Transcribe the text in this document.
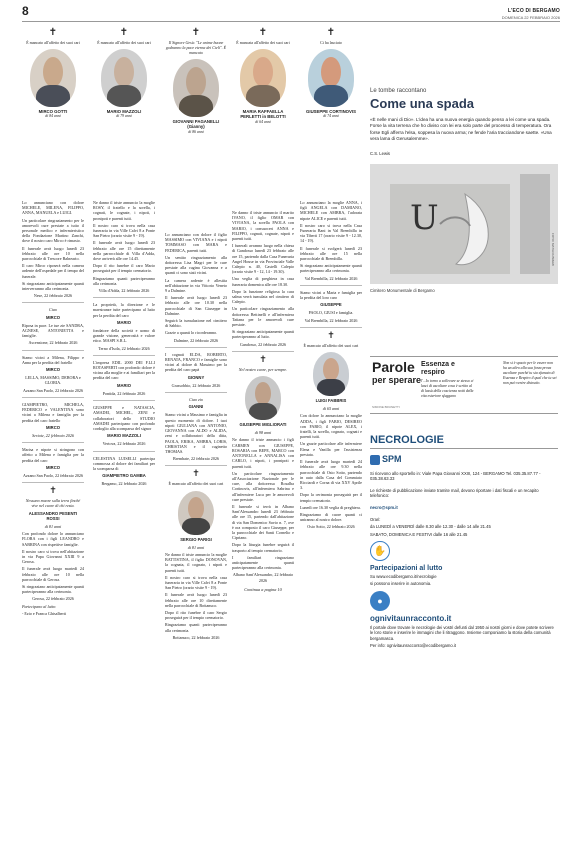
8	L'ECO DI BERGAMO
DOMENICA 22 FEBBRAIO 2026
✝
È mancato all'affetto dei suoi cari
MIRCO GOTTI
di 84 anni
✝
È mancato all'affetto dei suoi cari
MARIO MAZZOLI
di 79 anni
✝
Il Signore Gesù: "Le anime buone godranno la pace eterna dei Cieli". È mancato
GIOVANNI PAGANELLI (Gianny)
di 86 anni
✝
È mancata all'affetto dei suoi cari
MARIA RAFFAELLA PERLETTI in BELOTTI
di 64 anni
✝
Ci ha lasciato
GIUSEPPE CORTINOVIS
di 74 anni

Lo annunciano con dolore MICHELE, MILENA, FILIPPO, ANNA, MANUELA e LUIGI.

Un particolare ringraziamento per le amorevoli cure prestate a tutto il personale medico e infermieristico della Fondazione Martino Zanchi, dove il nostro caro Mirco è rimasto.

Il funerale avrà luogo lunedì 23 febbraio alle ore 10 nella parrocchiale di Trescore Balneario.

Il caro Mirco riposerà nella camera ardente dell'ospedale per il tempo del funerale.

Si ringraziano anticipatamente quanti interverranno alla cerimonia.

Nese, 22 febbraio 2026

Ciao

MIRCO

Riposa in pace. Le tue zie SANDRA, AGNESE, ANTONIETTA e famiglie.

Ascensione, 22 febbraio 2026

Siamo vicini a Milena, Filippo e Anna per la perdita del fratello

MIRCO

LELLA, MASSIMO, DEBORA e GLORIA.

Azzano San Paolo, 22 febbraio 2026

GIAMPIETRO, MICHELA, FEDERICO e VALENTINA sono vicini a Milena e famiglia per la perdita del caro fratello

MIRCO

Seriate, 22 febbraio 2026

Marisa e nipote si stringono con affetto a Milena e famiglia per la perdita del caro

MIRCO

Azzano San Paolo, 22 febbraio 2026

✝

Nessuno muore sulla terra finché vive nel cuore di chi resta.

ALESSANDRO PESENTI ROSSI

di 81 anni

Con profondo dolore lo annunciano FLORA con i figli LEANDRO e SABRINA con rispettive famiglie.

Il nostro caro si trova nell'abitazione in via Papa Giovanni XXIII 9 a Gerosa.

Il funerale avrà luogo martedì 24 febbraio alle ore 10 nella parrocchiale di Gerosa.

Si ringraziano anticipatamente quanti parteciperanno alla cerimonia.

Gerosa, 22 febbraio 2026

Partecipano al lutto:

- Ezio e Franca Ghisalberti

Ne danno il triste annuncio la moglie ROSY, il fratello e la sorella, i cognati, le cognate, i nipoti, i pronipoti e parenti tutti.

Il nostro caro si trova nella casa funeraria in via Ville Calvi 8 a Ponte San Pietro (orario visite 9 - 19).

Il funerale avrà luogo lunedì 23 febbraio alle ore 15 direttamente nella parrocchiale di Villa d'Adda, dove arriverà alle ore 14.45.

Dopo il rito funebre il caro Mario proseguirà per il tempio crematorio.

Ringraziamo quanti parteciperanno alla cerimonia.

Villa d'Adda, 22 febbraio 2026

La proprietà, la direzione e le maestranze tutte partecipano al lutto per la perdita del caro

MARIO

fondatore della società e uomo di grande visione, generosità e valore etico. MASPI S.R.L.

Terno d'Isola, 22 febbraio 2026

L'impresa EDIL 2000 DEI F.LLI ROTASPERTI con profondo dolore è vicina alla moglie e ai familiari per la perdita del caro

MARIO

Pontida, 22 febbraio 2026

GIUSEPPE e NATASCIA, AMADEI, MICHEL, ZENI e collaboratori dello STUDIO AMADEI partecipano con profondo cordoglio alla scomparsa del signor

MARIO MAZZOLI

Vertova, 22 febbraio 2026

CELESTINA LUISELLI partecipa commossa al dolore dei familiari per la scomparsa di

GIAMPIETRO GAMBA

Bergamo, 22 febbraio 2026

Lo annunciano con dolore il figlio MASSIMO con VIVIANA e i nipoti TOMMASO con MARA e FEDERICA, parenti tutti.

Un sentito ringraziamento alla dottoressa Lisa Magri per le cure prestate alla cugina Giovanna e a quanti ci sono stati vicini.

La camera ardente è allestita nell'abitazione in via Vittorio Veneto 9 a Dalmine.

Il funerale avrà luogo lunedì 23 febbraio alle ore 10.30 nella parrocchiale di San Giuseppe in Dalmine.

Seguirà la tumulazione nel cimitero di Sabbio.

Grazie a quanti lo ricorderanno.

Dalmine, 22 febbraio 2026

I cognati ELDA, ROBERTO, RENATA, FRANCO e famiglie sono vicini al dolore di Massimo per la perdita del caro papà

GIONNY

Grassobbio, 22 febbraio 2026

Ciao zio

GIANNI

Siamo vicini a Massimo e famiglia in questo momento di dolore. I tuoi nipoti GIULIANA con ANTONIO, GIOVANNA con ALDO e ALIDA, zeni e collaboratori della ditta, PAOLA, ERIKA, AMBRA, LORIS, CHRISTIAN e il cuginetto THOMAS.

Brembate, 22 febbraio 2026

✝

È mancato all'affetto dei suoi cari

SERGIO PARIGI

di 81 anni

Ne danno il triste annuncio la moglie BATTISTINA, il figlio DONOVAN, la cognata, il cognato, i nipoti e parenti tutti.

Il nostro caro si trova nella casa funeraria in via Ville Calvi 8 a Ponte San Pietro (orario visite 9 - 19).

Il funerale avrà luogo lunedì 23 febbraio alle ore 10 direttamente nella parrocchiale di Bottanuco.

Dopo il rito funebre il caro Sergio proseguirà per il tempio crematorio.

Ringraziamo quanti parteciperanno alla cerimonia.

Bottanuco, 22 febbraio 2026

Ne danno il triste annuncio il marito IVANO, il figlio OMAR con VIVIANA, la sorella PAOLA con MARIO, i consuoceri ANNA e FILIPPO, cognati, cognate, nipoti e parenti tutti.

I funerali avranno luogo nella chiesa di Gandosso lunedì 23 febbraio alle ore 15, partendo dalla Casa Funeraria Angel House in via Provinciale Valle Calepio n. 40, Castelli Calepio (orario visite 9 - 12, 14 - 19.30).

Una veglia di preghiera in casa funeraria domenica alle ore 18.30.

Dopo la funzione religiosa la cara salma verrà tumulata nel cimitero di Calepio.

Un particolare ringraziamento alla dottoressa Bettinelli e all'infermiera Tatiana per le amorevoli cure prestate.

Si ringraziano anticipatamente quanti parteciperanno al lutto.

Gandosso, 22 febbraio 2026

✝

Nel nostro cuore, per sempre.

GIUSEPPE MIGLIORATI

di 98 anni

Ne danno il triste annuncio i figli CARMEN con GIUSEPPE, ROSARIA con BEPE, MARCO con ANTONELLA e ANNALISA con CARLO, i nipoti, i pronipoti e parenti tutti.

Un particolare ringraziamento all'Associazione Nazionale per le cure, alla dottoressa Rosalba Cortinovis, all'infermiera Sabrina e all'infermiere Luca per le amorevoli cure prestate.

Il funerale si terrà in Albano Sant'Alessandro lunedì 23 febbraio alle ore 15, partendo dall'abitazione di via San Domenico Savio n. 7, ove è ora composto il caro Giuseppe, per la parrocchiale dei Santi Cornelio e Cipriano.

Dopo la liturgia funebre seguirà il trasporto al tempio crematorio.

I familiari ringraziano anticipatamente quanti parteciperanno alla cerimonia.

Albano Sant'Alessandro, 22 febbraio 2026

Continua a pagina 10

Lo annunciano la moglie ANNA, i figli ANGELA con DAMIANO, MICHELE con AMBRA, l'adorata nipote ALICE e parenti tutti.

Il nostro caro si trova nella Casa Funeraria Bani in Val Brembilla in via Tiberti 17 (orario visite 9 - 12.30, 14 - 19).

Il funerale si svolgerà lunedì 23 febbraio alle ore 15 nella parrocchiale di Brembilla.

Si ringraziano anticipatamente quanti parteciperanno alla cerimonia.

Val Brembilla, 22 febbraio 2026

Siamo vicini a Maria e famiglia per la perdita del loro caro

GIUSEPPE

PAOLO, GIUSI e famiglia.

Val Brembilla, 22 febbraio 2026

✝

È mancato all'affetto dei suoi cari

LUIGI FABBRIS

di 65 anni

Con dolore lo annunciano la moglie ADDA, i figli FABIO, DESIREO con FABIO, il nipote ALEX, i fratelli, la sorella, cognato, cognati e parenti tutti.

Un grazie particolare alle infermiere Elena e Vanilla per l'assistenza prestata.

Il funerale avrà luogo martedì 24 febbraio alle ore 9.30 nella parrocchiale di Osio Sotto, partendo in auto dalla Casa del Commiato Ricciardi e Corna di via XXV Aprile 3.

Dopo la cerimonia proseguirà per il tempio crematorio.

Lunedì ore 16.30 veglia di preghiera.

Ringraziamo di cuore quanti ci uniranno al nostro dolore.

Osio Sotto, 22 febbraio 2026

Le tombe raccontano
Come una spada
«È nelle mani di Dio». L'idea ha una nuova energia quando penso a lei come una spada. Forse la vita terrena che ho diviso con lei era solo parte del processo di temperatura. Ora forse Egli afferra l'elsa, soppesa la nuova arma; ne fende l'aria tracciandone saette. «Una vera lama di Gerusalemme».
C.S. Lewis
U
FOTO: MATILDA BREMI
Cimitero Monumentale di Bergamo
Parole
per sperare
SIMONE BRUNETTI
Essenza e
respiro
l'...Io torno a sollevare se stesso ci lasci di ascoltare cosa è scritto al di lassù della coscienza notti della vita esteriore sfuggano
Non si è spacio per le essere non ha un altro alla sua forza prova ascoltare purché tu sia sfumato di Essenza e Respiro il qual che tu sei non può venire distrutto.
NECROLOGIE
SPM
Si ricevono allo sportello in: Viale Papa Giovanni XXIII, 124 - BERGAMO Tel. 035.35.87.77 - 035.38.63.33
Le richieste di pubblicazione inviate tramite mail, devono riportare i dati fiscali e un recapito telefonico:
necro@spm.it
Orari:
da LUNEDÌ a VENERDÌ dalle 8.30 alle 12.30 - dalle 14 alle 21.45
SABATO, DOMENICA E FESTIVI dalle 16 alle 21.45
✋
Partecipazioni al lutto
Su www.ecodibergamo.it/necrologie
si possono inserire in autonomia.
●
ognivitaunracconto.it
Il portale dove trovare le necrologie dei vostri defunti dal 1950 ai nostri giorni e dove potete scrivere le loro storie e inserire le immagini che li ritraggono. Insieme componiamo la storia della comunità bergamasca.
Per info: ognivitaunracconto@ecodibergamo.it
